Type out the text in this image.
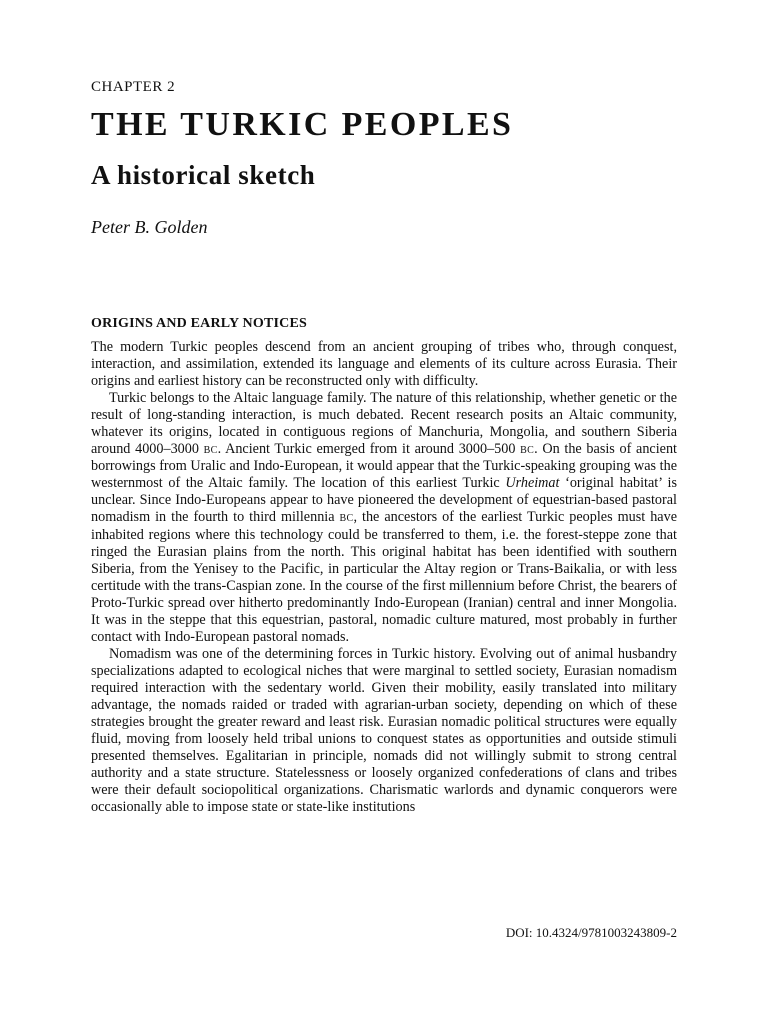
CHAPTER 2
THE TURKIC PEOPLES
A historical sketch
Peter B. Golden
ORIGINS AND EARLY NOTICES

The modern Turkic peoples descend from an ancient grouping of tribes who, through conquest, interaction, and assimilation, extended its language and elements of its culture across Eurasia. Their origins and earliest history can be reconstructed only with difficulty.

Turkic belongs to the Altaic language family. The nature of this relationship, whether genetic or the result of long-standing interaction, is much debated. Recent research posits an Altaic community, whatever its origins, located in contiguous regions of Manchuria, Mongolia, and southern Siberia around 4000–3000 bc. Ancient Turkic emerged from it around 3000–500 bc. On the basis of ancient borrowings from Uralic and Indo-European, it would appear that the Turkic-speaking grouping was the westernmost of the Altaic family. The location of this earliest Turkic Urheimat ‘original habitat’ is unclear. Since Indo-Europeans appear to have pioneered the development of equestrian-based pastoral nomadism in the fourth to third millennia bc, the ancestors of the earliest Turkic peoples must have inhabited regions where this technology could be transferred to them, i.e. the forest-steppe zone that ringed the Eurasian plains from the north. This original habitat has been identified with southern Siberia, from the Yenisey to the Pacific, in particular the Altay region or Trans-Baikalia, or with less certitude with the trans-Caspian zone. In the course of the first millennium before Christ, the bearers of Proto-Turkic spread over hitherto predominantly Indo-European (Iranian) central and inner Mongolia. It was in the steppe that this equestrian, pastoral, nomadic culture matured, most probably in further contact with Indo-European pastoral nomads.

Nomadism was one of the determining forces in Turkic history. Evolving out of animal husbandry specializations adapted to ecological niches that were marginal to settled society, Eurasian nomadism required interaction with the sedentary world. Given their mobility, easily translated into military advantage, the nomads raided or traded with agrarian-urban society, depending on which of these strategies brought the greater reward and least risk. Eurasian nomadic political structures were equally fluid, moving from loosely held tribal unions to conquest states as opportunities and outside stimuli presented themselves. Egalitarian in principle, nomads did not willingly submit to strong central authority and a state structure. Statelessness or loosely organized confederations of clans and tribes were their default sociopolitical organizations. Charismatic warlords and dynamic conquerors were occasionally able to impose state or state-like institutions

DOI: 10.4324/9781003243809-2
